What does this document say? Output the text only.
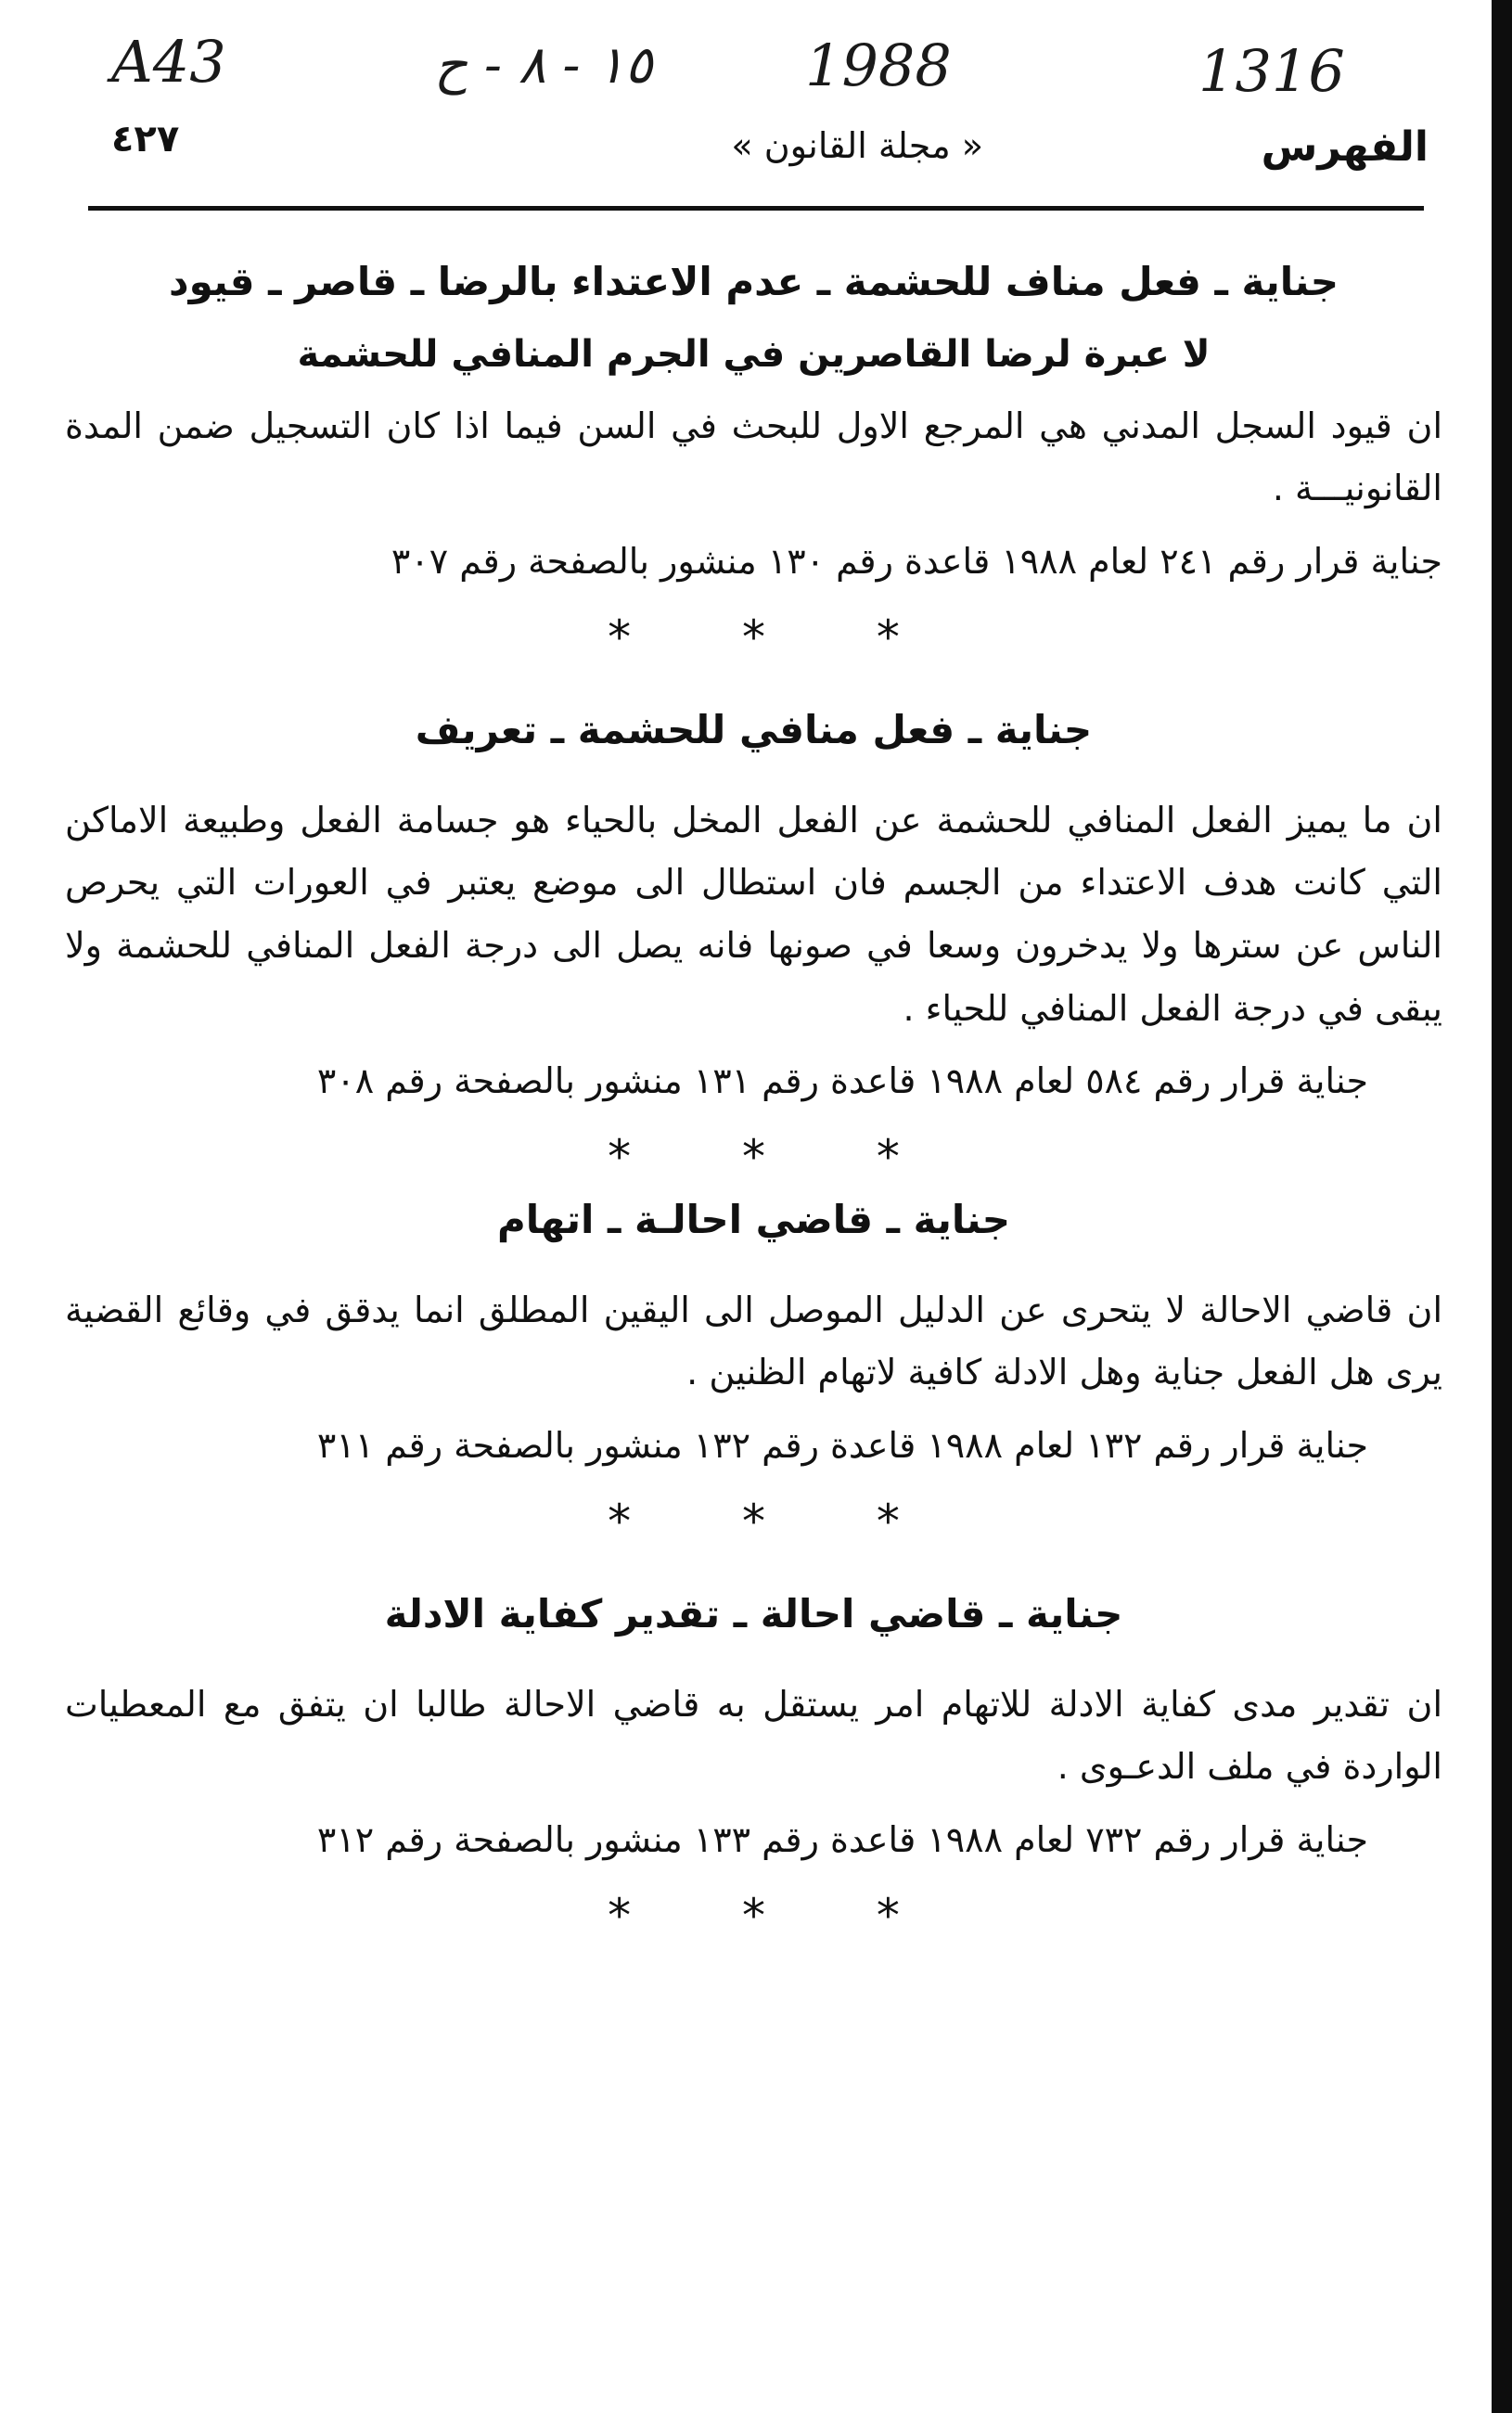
A43	١٥ - ٨ - ح	1988	1316
الفهرس
« مجلة القانون »
٤٢٧
جناية ـ فعل مناف للحشمة ـ عدم الاعتداء بالرضا ـ قاصر ـ قيود
لا عبرة لرضا القاصرين في الجرم المنافي للحشمة

ان قيود السجل المدني هي المرجع الاول للبحث في السن فيما اذا كان التسجيل ضمن المدة القانونيـــة .

جناية قرار رقم ٢٤١ لعام ١٩٨٨ قاعدة رقم ١٣٠ منشور بالصفحة رقم ٣٠٧
* * *
جناية ـ فعل منافي للحشمة ـ تعريف

ان ما يميز الفعل المنافي للحشمة عن الفعل المخل بالحياء هو جسامة الفعل وطبيعة الاماكن التي كانت هدف الاعتداء من الجسم فان استطال الى موضع يعتبر في العورات التي يحرص الناس عن سترها ولا يدخرون وسعا في صونها فانه يصل الى درجة الفعل المنافي للحشمة ولا يبقى في درجة الفعل المنافي للحياء .

جناية قرار رقم ٥٨٤ لعام ١٩٨٨ قاعدة رقم ١٣١ منشور بالصفحة رقم ٣٠٨
* * *
جناية ـ قاضي احالـة ـ اتهام

ان قاضي الاحالة لا يتحرى عن الدليل الموصل الى اليقين المطلق انما يدقق في وقائع القضية يرى هل الفعل جناية وهل الادلة كافية لاتهام الظنين .

جناية قرار رقم ١٣٢ لعام ١٩٨٨ قاعدة رقم ١٣٢ منشور بالصفحة رقم ٣١١
* * *
جناية ـ قاضي احالة ـ تقدير كفاية الادلة

ان تقدير مدى كفاية الادلة للاتهام امر يستقل به قاضي الاحالة طالبا ان يتفق مع المعطيات الواردة في ملف الدعـوى .

جناية قرار رقم ٧٣٢ لعام ١٩٨٨ قاعدة رقم ١٣٣ منشور بالصفحة رقم ٣١٢
* * *
